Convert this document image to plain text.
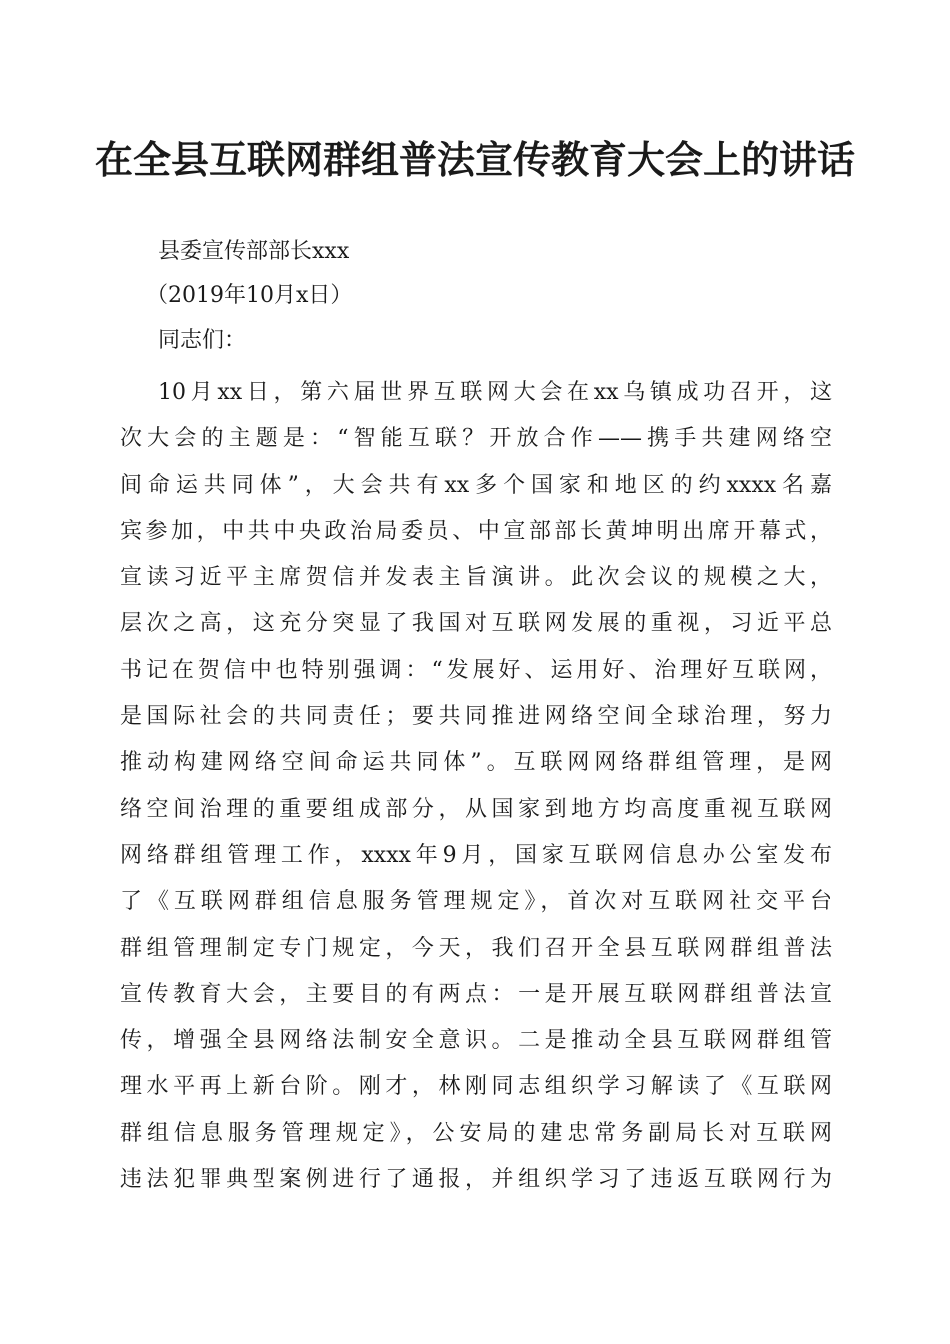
在全县互联网群组普法宣传教育大会上的讲话
县委宣传部部长xxx
（2019年10月x日）
同志们：
10月xx日，第六届世界互联网大会在xx乌镇成功召开，这
次大会的主题是：“智能互联？开放合作——携手共建网络空
间命运共同体”，大会共有xx多个国家和地区的约xxxx名嘉
宾参加，中共中央政治局委员、中宣部部长黄坤明出席开幕式，
宣读习近平主席贺信并发表主旨演讲。此次会议的规模之大，
层次之高，这充分突显了我国对互联网发展的重视，习近平总
书记在贺信中也特别强调：“发展好、运用好、治理好互联网，
是国际社会的共同责任；要共同推进网络空间全球治理，努力
推动构建网络空间命运共同体”。互联网网络群组管理，是网
络空间治理的重要组成部分，从国家到地方均高度重视互联网
网络群组管理工作，xxxx年9月，国家互联网信息办公室发布
了《互联网群组信息服务管理规定》，首次对互联网社交平台
群组管理制定专门规定，今天，我们召开全县互联网群组普法
宣传教育大会，主要目的有两点：一是开展互联网群组普法宣
传，增强全县网络法制安全意识。二是推动全县互联网群组管
理水平再上新台阶。刚才，林刚同志组织学习解读了《互联网
群组信息服务管理规定》，公安局的建忠常务副局长对互联网
违法犯罪典型案例进行了通报，并组织学习了违返互联网行为
